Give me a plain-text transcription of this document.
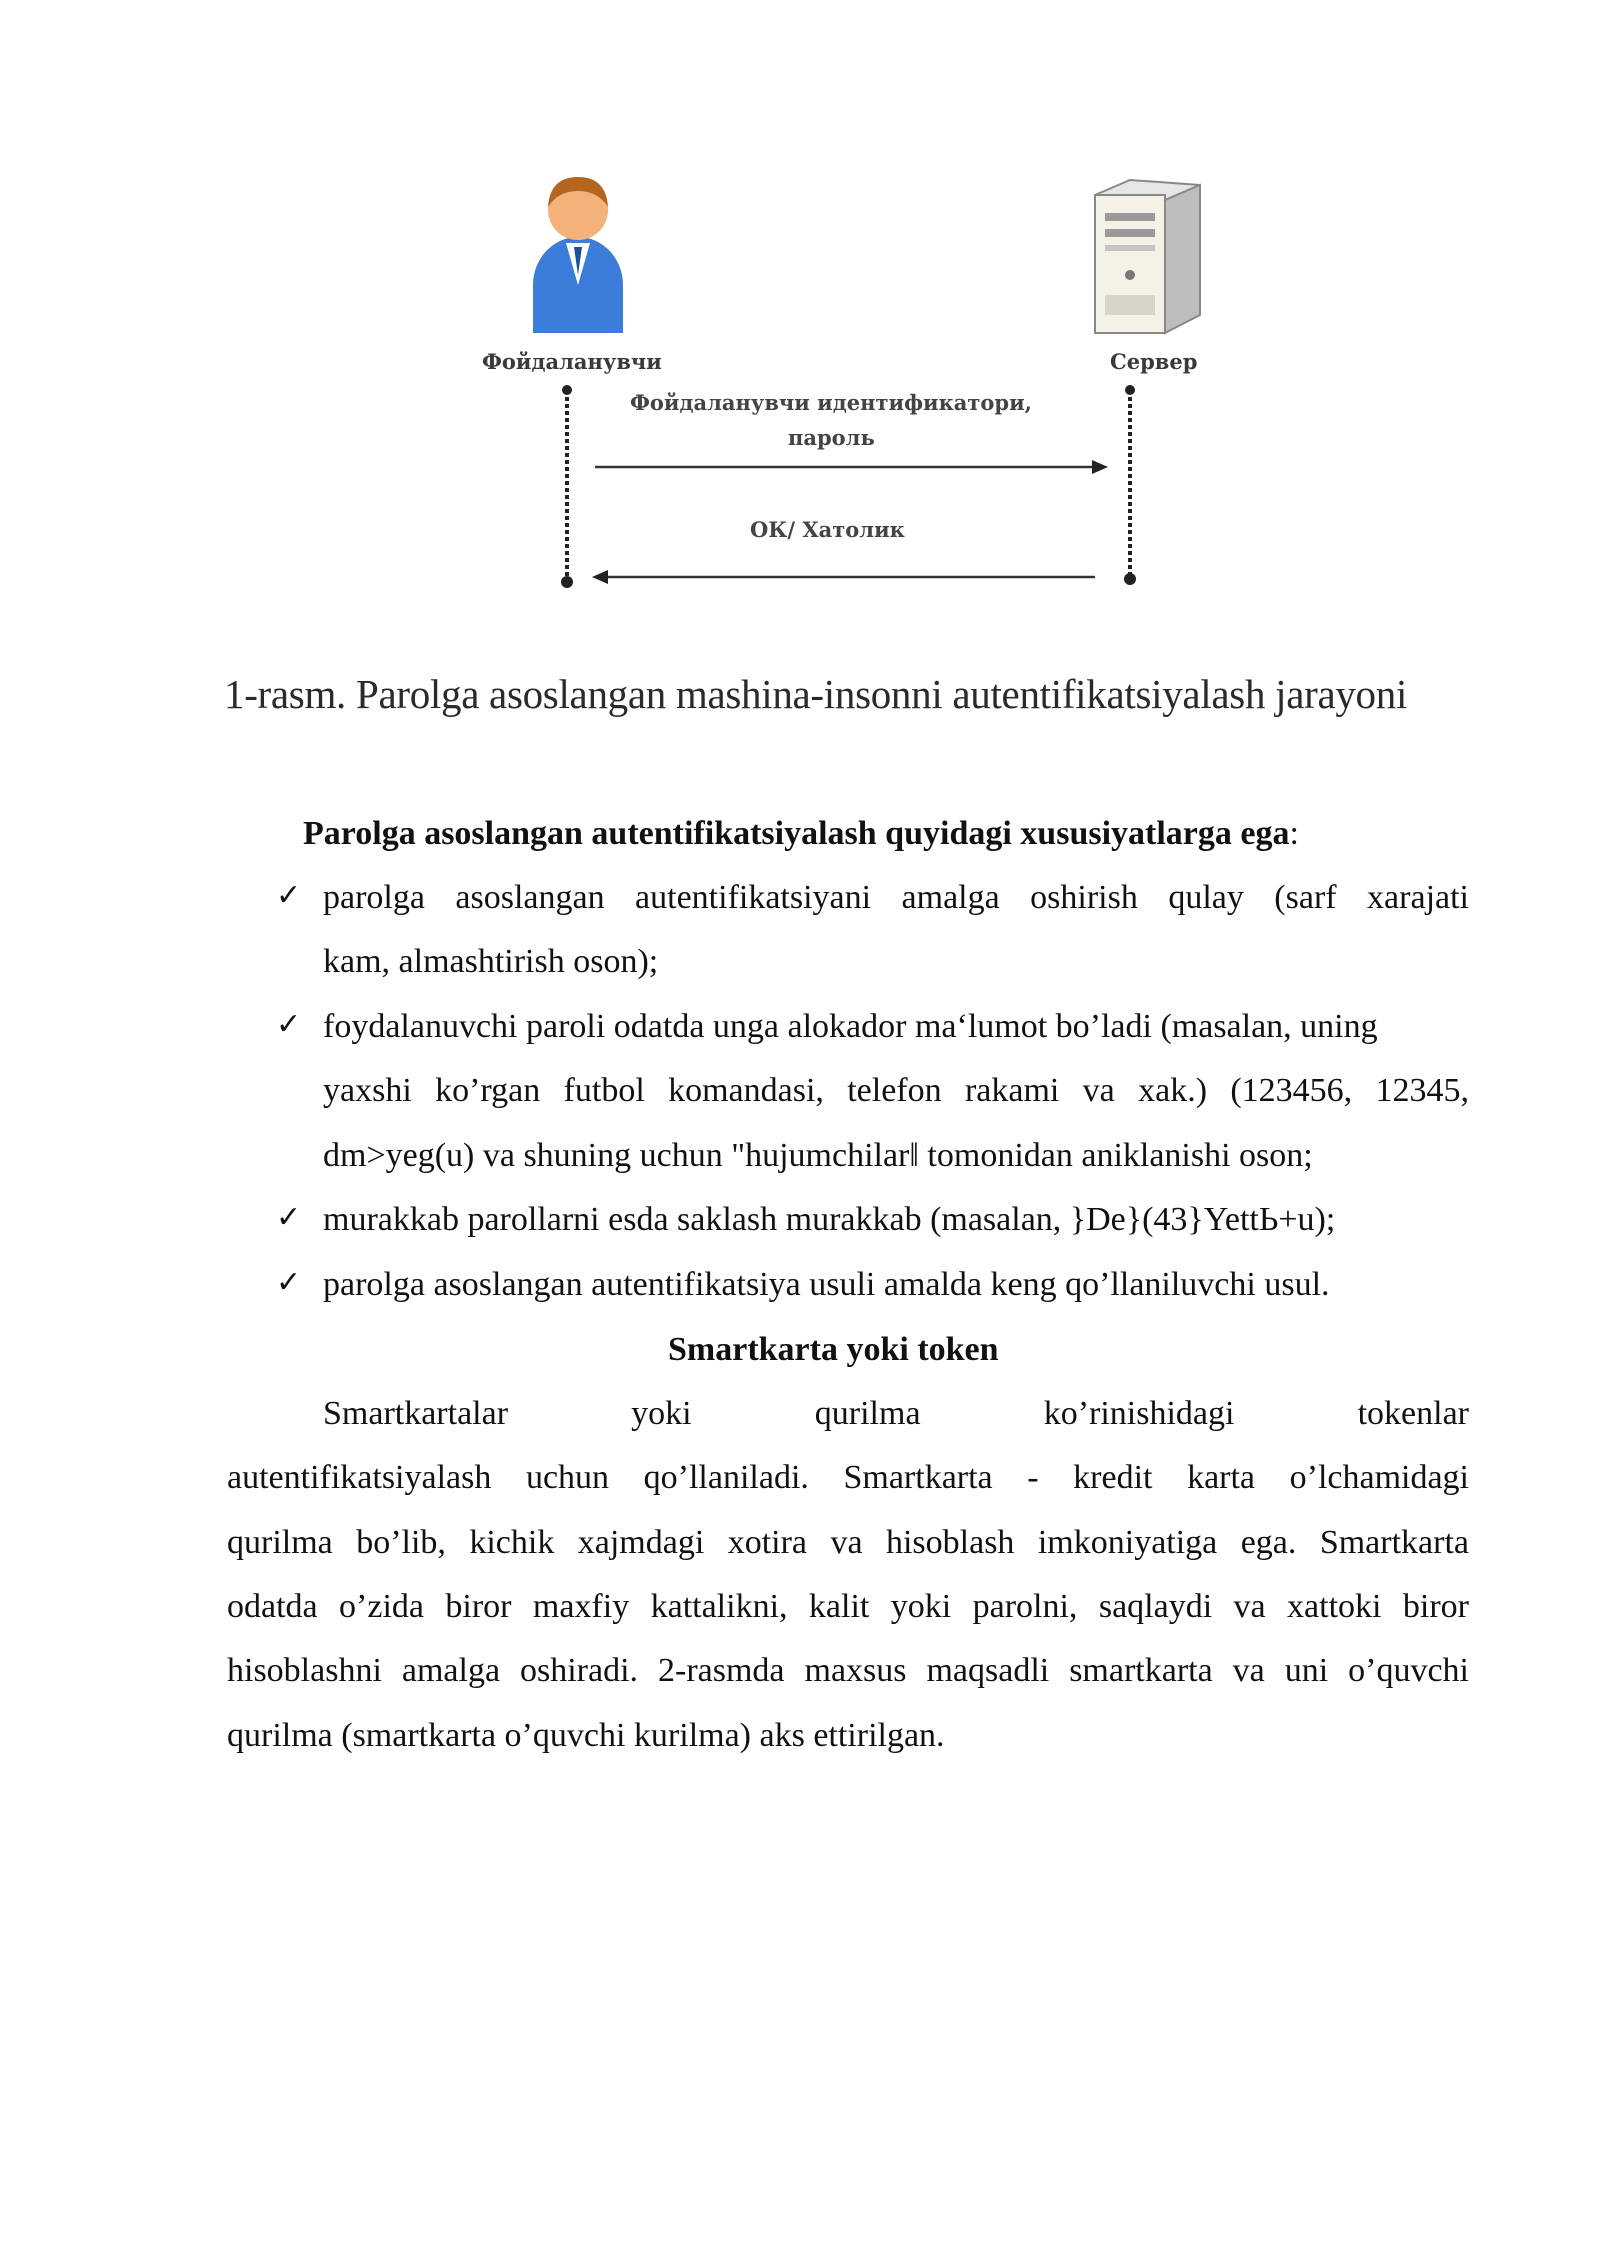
Фойдаланувчи	Сервер
Фойдаланувчи идентификатори,
пароль
ОК/ Хатолик
1-rasm. Parolga asoslangan mashina-insonni autentifikatsiyalash jarayoni
Parolga asoslangan autentifikatsiyalash quyidagi xususiyatlarga ega:
✓ parolga asoslangan autentifikatsiyani amalga oshirish qulay (sarf xarajati
kam, almashtirish oson);
✓ foydalanuvchi paroli odatda unga alokador ma‘lumot bo’ladi (masalan, uning
yaxshi ko’rgan futbol komandasi, telefon rakami va xak.) (123456, 12345,
dm>yeg(u) va shuning uchun "hujumchilar‖ tomonidan aniklanishi oson;
✓ murakkab parollarni esda saklash murakkab (masalan, }De}(43}YettЬ+u);
✓ parolga asoslangan autentifikatsiya usuli amalda keng qo’llaniluvchi usul.
Smartkarta yoki token
Smartkartalar yoki qurilma ko’rinishidagi tokenlar
autentifikatsiyalash uchun qo’llaniladi. Smartkarta - kredit karta o’lchamidagi
qurilma bo’lib, kichik xajmdagi xotira va hisoblash imkoniyatiga ega. Smartkarta
odatda o’zida biror maxfiy kattalikni, kalit yoki parolni, saqlaydi va xattoki biror
hisoblashni amalga oshiradi. 2-rasmda maxsus maqsadli smartkarta va uni o’quvchi
qurilma (smartkarta o’quvchi kurilma) aks ettirilgan.
